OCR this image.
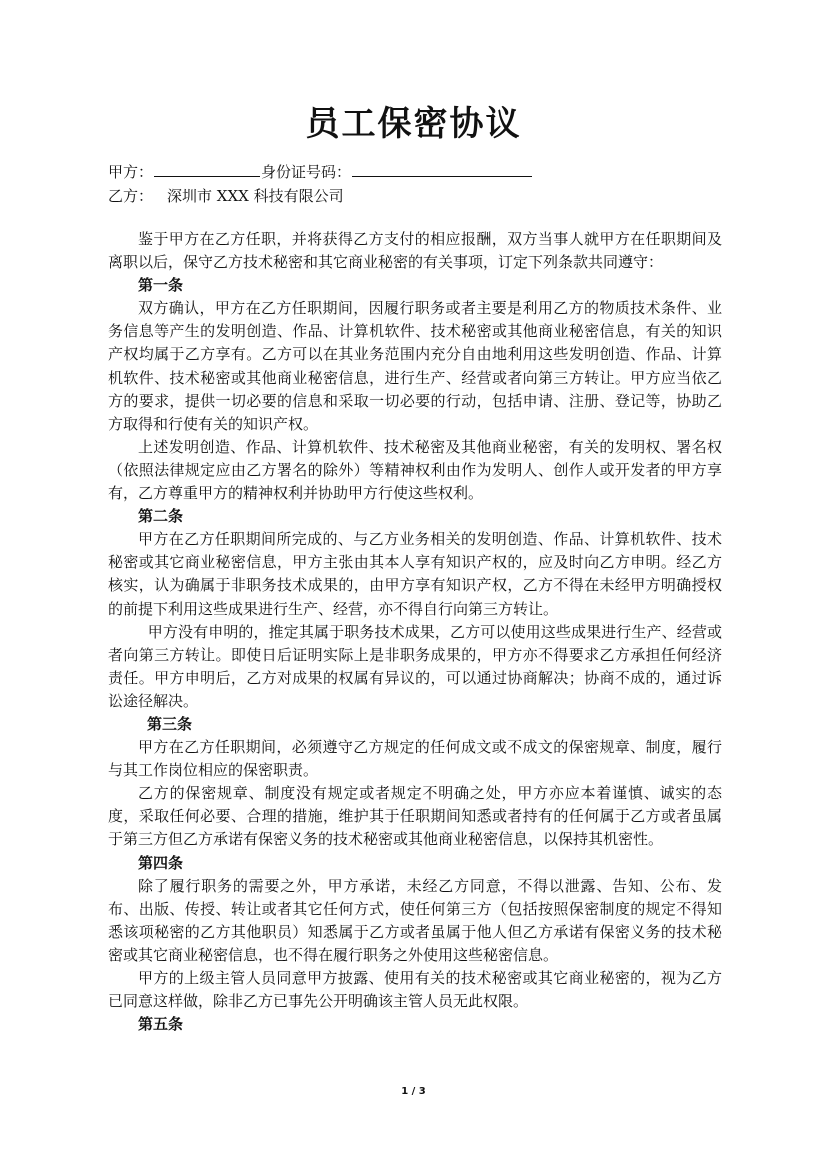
员工保密协议
甲方：	身份证号码：
乙方： 深圳市 XXX 科技有限公司

鉴于甲方在乙方任职，并将获得乙方支付的相应报酬，双方当事人就甲方在任职期间及离职以后，保守乙方技术秘密和其它商业秘密的有关事项，订定下列条款共同遵守：

第一条

双方确认，甲方在乙方任职期间，因履行职务或者主要是利用乙方的物质技术条件、业务信息等产生的发明创造、作品、计算机软件、技术秘密或其他商业秘密信息，有关的知识产权均属于乙方享有。乙方可以在其业务范围内充分自由地利用这些发明创造、作品、计算机软件、技术秘密或其他商业秘密信息，进行生产、经营或者向第三方转让。甲方应当依乙方的要求，提供一切必要的信息和采取一切必要的行动，包括申请、注册、登记等，协助乙方取得和行使有关的知识产权。

上述发明创造、作品、计算机软件、技术秘密及其他商业秘密，有关的发明权、署名权（依照法律规定应由乙方署名的除外）等精神权利由作为发明人、创作人或开发者的甲方享有，乙方尊重甲方的精神权利并协助甲方行使这些权利。

第二条

甲方在乙方任职期间所完成的、与乙方业务相关的发明创造、作品、计算机软件、技术秘密或其它商业秘密信息，甲方主张由其本人享有知识产权的，应及时向乙方申明。经乙方核实，认为确属于非职务技术成果的，由甲方享有知识产权，乙方不得在未经甲方明确授权的前提下利用这些成果进行生产、经营，亦不得自行向第三方转让。

甲方没有申明的，推定其属于职务技术成果，乙方可以使用这些成果进行生产、经营或者向第三方转让。即使日后证明实际上是非职务成果的，甲方亦不得要求乙方承担任何经济责任。甲方申明后，乙方对成果的权属有异议的，可以通过协商解决；协商不成的，通过诉讼途径解决。

第三条

甲方在乙方任职期间，必须遵守乙方规定的任何成文或不成文的保密规章、制度，履行与其工作岗位相应的保密职责。

乙方的保密规章、制度没有规定或者规定不明确之处，甲方亦应本着谨慎、诚实的态度，采取任何必要、合理的措施，维护其于任职期间知悉或者持有的任何属于乙方或者虽属于第三方但乙方承诺有保密义务的技术秘密或其他商业秘密信息，以保持其机密性。

第四条

除了履行职务的需要之外，甲方承诺，未经乙方同意，不得以泄露、告知、公布、发布、出版、传授、转让或者其它任何方式，使任何第三方（包括按照保密制度的规定不得知悉该项秘密的乙方其他职员）知悉属于乙方或者虽属于他人但乙方承诺有保密义务的技术秘密或其它商业秘密信息，也不得在履行职务之外使用这些秘密信息。

甲方的上级主管人员同意甲方披露、使用有关的技术秘密或其它商业秘密的，视为乙方已同意这样做，除非乙方已事先公开明确该主管人员无此权限。

第五条

1 / 3
